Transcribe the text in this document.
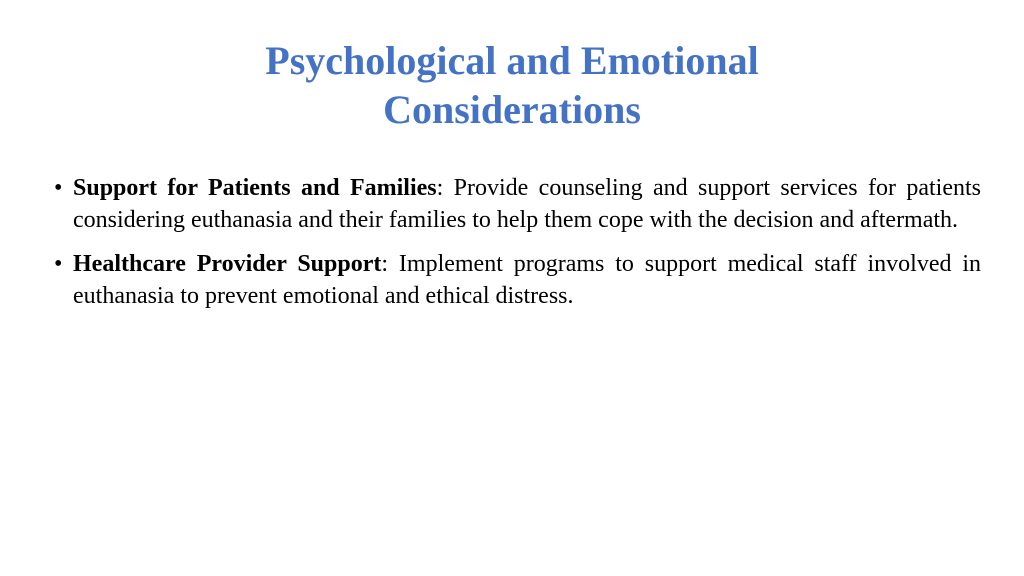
Psychological and Emotional Considerations
• Support for Patients and Families: Provide counseling and support services for patients considering euthanasia and their families to help them cope with the decision and aftermath.
• Healthcare Provider Support: Implement programs to support medical staff involved in euthanasia to prevent emotional and ethical distress.
